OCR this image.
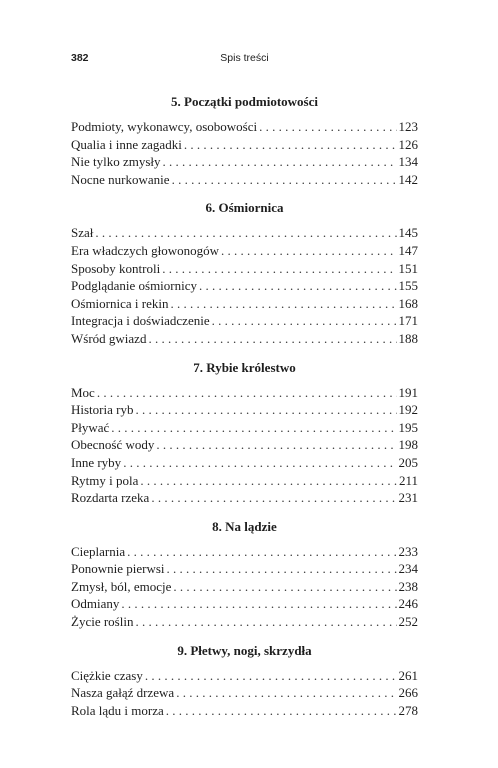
382	Spis treści
5. Początki podmiotowości
Podmioty, wykonawcy, osobowości . . .	123
Qualia i inne zagadki . . .	126
Nie tylko zmysły . . .	134
Nocne nurkowanie . . .	142
6. Ośmiornica
Szał . . .	145
Era władczych głowonogów . . .	147
Sposoby kontroli . . .	151
Podglądanie ośmiornicy . . .	155
Ośmiornica i rekin . . .	168
Integracja i doświadczenie . . .	171
Wśród gwiazd . . .	188
7. Rybie królestwo
Moc . . .	191
Historia ryb . . .	192
Pływać . . .	195
Obecność wody . . .	198
Inne ryby . . .	205
Rytmy i pola . . .	211
Rozdarta rzeka . . .	231
8. Na lądzie
Cieplarnia . . .	233
Ponownie pierwsi . . .	234
Zmysł, ból, emocje . . .	238
Odmiany . . .	246
Życie roślin . . .	252
9. Płetwy, nogi, skrzydła
Ciężkie czasy . . .	261
Nasza gałąź drzewa . . .	266
Rola lądu i morza . . .	278
